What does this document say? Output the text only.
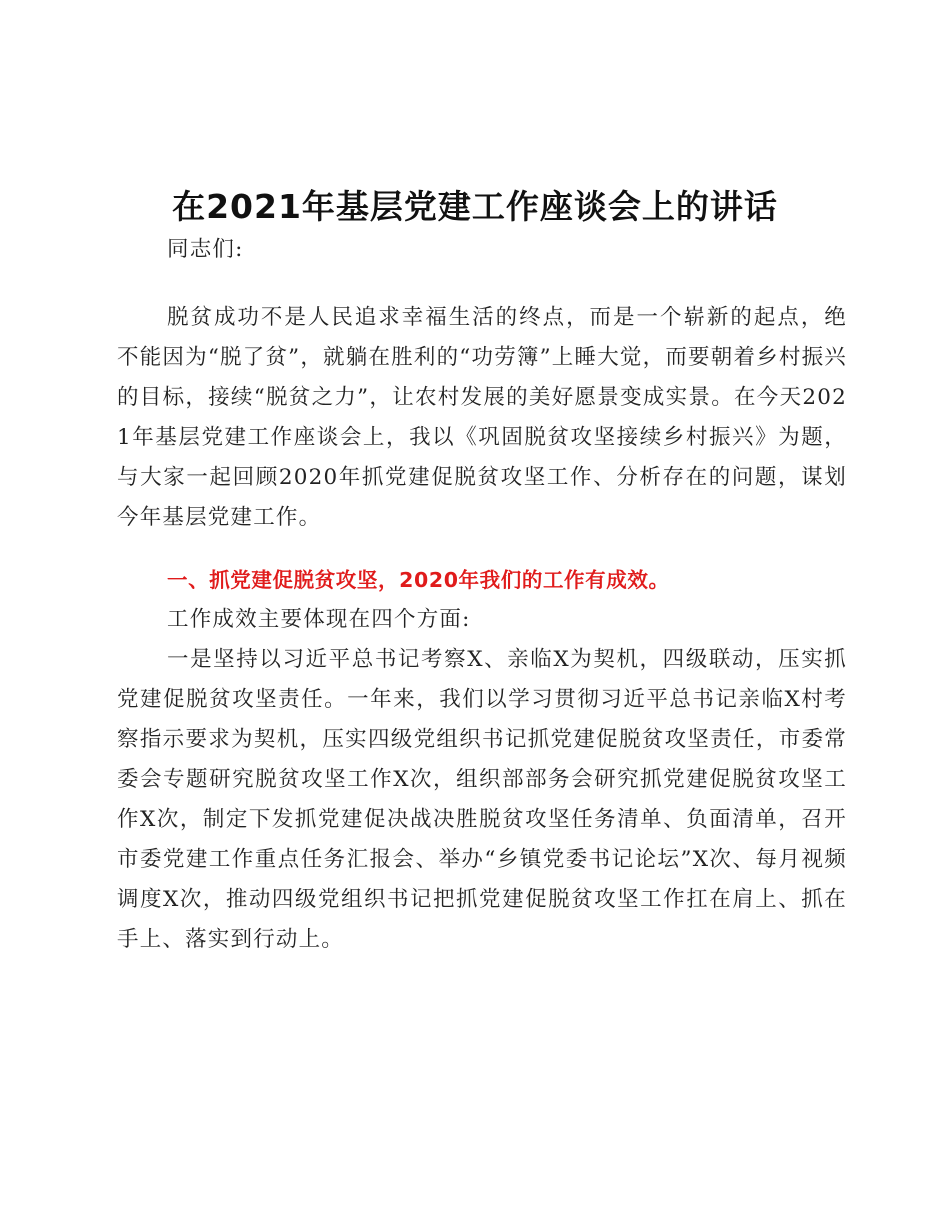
在2021年基层党建工作座谈会上的讲话

同志们:

脱贫成功不是人民追求幸福生活的终点，而是一个崭新的起点，绝不能因为“脱了贫”，就躺在胜利的“功劳簿”上睡大觉，而要朝着乡村振兴的目标，接续“脱贫之力”，让农村发展的美好愿景变成实景。在今天2021年基层党建工作座谈会上，我以《巩固脱贫攻坚接续乡村振兴》为题，与大家一起回顾2020年抓党建促脱贫攻坚工作、分析存在的问题，谋划今年基层党建工作。

一、抓党建促脱贫攻坚，2020年我们的工作有成效。

工作成效主要体现在四个方面:

一是坚持以习近平总书记考察X、亲临X为契机，四级联动，压实抓党建促脱贫攻坚责任。一年来，我们以学习贯彻习近平总书记亲临X村考察指示要求为契机，压实四级党组织书记抓党建促脱贫攻坚责任，市委常委会专题研究脱贫攻坚工作X次，组织部部务会研究抓党建促脱贫攻坚工作X次，制定下发抓党建促决战决胜脱贫攻坚任务清单、负面清单，召开市委党建工作重点任务汇报会、举办“乡镇党委书记论坛”X次、每月视频调度X次，推动四级党组织书记把抓党建促脱贫攻坚工作扛在肩上、抓在手上、落实到行动上。
